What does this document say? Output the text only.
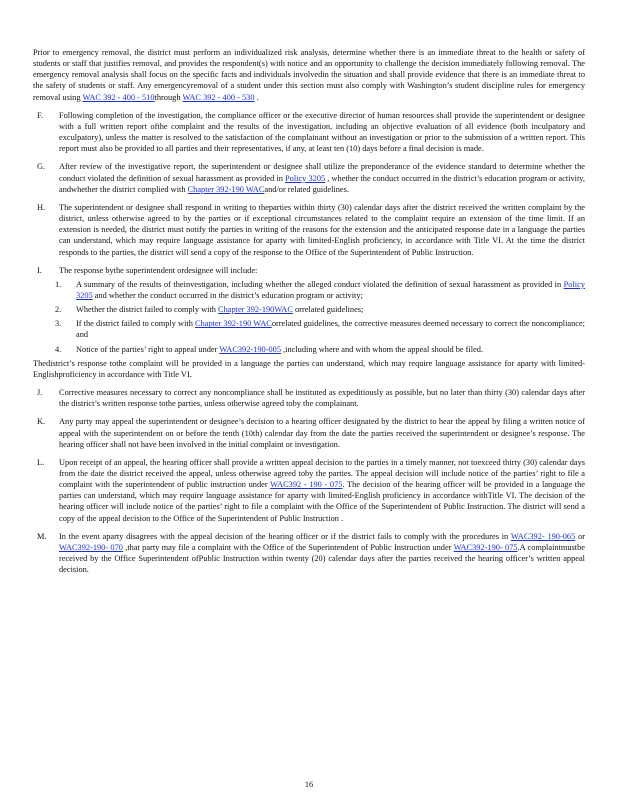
Prior to emergency removal, the district must perform an individualized risk analysis, determine whether there is an immediate threat to the health or safety of students or staff that justifies removal, and provides the respondent(s) with notice and an opportunity to challenge the decision immediately following removal. The emergency removal analysis shall focus on the specific facts and individuals involvedin the situation and shall provide evidence that there is an immediate threat to the safety of students or staff. Any emergencyremoval of a student under this section must also comply with Washington’s student discipline rules for emergency removal using WAC 392 - 400 - 510through WAC 392 - 400 - 530 .

F.	Following completion of the investigation, the compliance officer or the executive director of human resources shall provide the superintendent or designee with a full written report ofthe complaint and the results of the investigation, including an objective evaluation of all evidence (both inculpatory and exculpatory), unless the matter is resolved to the satisfaction of the complainant without an investigation or prior to the submission of a written report. This report must also be provided to all parties and their representatives, if any, at least ten (10) days before a final decision is made.
G.	After review of the investigative report, the superintendent or designee shall utilize the preponderance of the evidence standard to determine whether the conduct violated the definition of sexual harassment as provided in Policy 3205 , whether the conduct occurred in the district’s education program or activity, andwhether the district complied with Chapter 392-190 WACand/or related guidelines.
H.	The superintendent or designee shall respond in writing to theparties within thirty (30) calendar days after the district received the written complaint by the district, unless otherwise agreed to by the parties or if exceptional circumstances related to the complaint require an extension of the time limit. If an extension is needed, the district must notify the parties in writing of the reasons for the extension and the anticipated response date in a language the parties can understand, which may require language assistance for aparty with limited-English proficiency, in accordance with Title VI. At the time the district responds to the parties, the district will send a copy of the response to the Office of the Superintendent of Public Instruction.
I.	The response bythe superintendent ordesignee will include:
1.	A summary of the results of theinvestigation, including whether the alleged conduct violated the definition of sexual harassment as provided in Policy 3205 and whether the conduct occurred in the district’s education program or activity;
2.	Whether the district failed to comply with Chapter 392-190WAC orrelated guidelines;
3.	If the district failed to comply with Chapter 392-190 WACorrelated guidelines, the corrective measures deemed necessary to correct the noncompliance; and
4.	Notice of the parties’ right to appeal under WAC392-190-005 ,including where and with whom the appeal should be filed.

Thedistrict’s response tothe complaint will be provided in a language the parties can understand, which may require language assistance for aparty with limited-Englishproficiency in accordance with Title VI.

J.	Corrective measures necessary to correct any noncompliance shall be instituted as expeditiously as possible, but no later than thirty (30) calendar days after the district’s written response tothe parties, unless otherwise agreed toby the complainant.
K.	Any party may appeal the superintendent or designee’s decision to a hearing officer designated by the district to hear the appeal by filing a written notice of appeal with the superintendent on or before the tenth (10th) calendar day from the date the parties received the superintendent or designee’s response. The hearing officer shall not have been involved in the initial complaint or investigation.
L.	Upon receipt of an appeal, the hearing officer shall provide a written appeal decision to the parties in a timely manner, not toexceed thirty (30) calendar days from the date the district received the appeal, unless otherwise agreed toby the parties. The appeal decision will include notice of the parties’ right to file a complaint with the superintendent of public instruction under WAC392 - 190 - 075. The decision of the hearing officer will be provided in a language the parties can understand, which may require language assistance for aparty with limited-English proficiency in accordance withTitle VI. The decision of the hearing officer will include notice of the parties’ right to file a complaint with the Office of the Superintendent of Public Instruction. The district will send a copy of the appeal decision to the Office of the Superintendent of Public Instruction .
M.	In the event aparty disagrees with the appeal decision of the hearing officer or if the district fails to comply with the procedures in WAC392- 190-065 or WAC392-190- 070 ,that party may file a complaint with the Office of the Superintendent of Public Instruction under WAC392-190- 075.A complaintmustbe received by the Office Superintendent ofPublic Instruction within twenty (20) calendar days after the parties received the hearing officer’s written appeal decision.
16
